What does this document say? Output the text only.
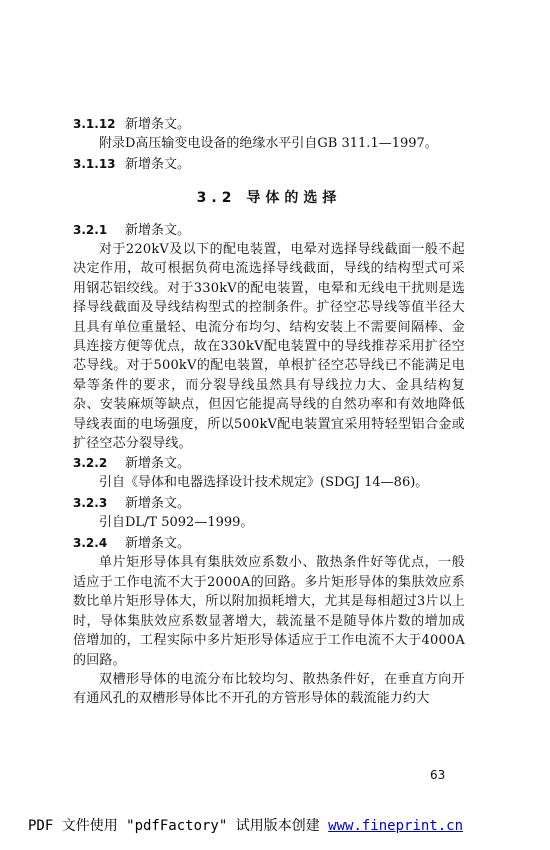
3.1.12 新增条文。

附录D高压输变电设备的绝缘水平引自GB 311.1—1997。

3.1.13 新增条文。
3.2 导体的选择
3.2.1 新增条文。

对于220kV及以下的配电装置，电晕对选择导线截面一般不起决定作用，故可根据负荷电流选择导线截面，导线的结构型式可采用钢芯铝绞线。对于330kV的配电装置，电晕和无线电干扰则是选择导线截面及导线结构型式的控制条件。扩径空芯导线等值半径大且具有单位重量轻、电流分布均匀、结构安装上不需要间隔棒、金具连接方便等优点，故在330kV配电装置中的导线推荐采用扩径空芯导线。对于500kV的配电装置，单根扩径空芯导线已不能满足电晕等条件的要求，而分裂导线虽然具有导线拉力大、金具结构复杂、安装麻烦等缺点，但因它能提高导线的自然功率和有效地降低导线表面的电场强度，所以500kV配电装置宜采用特轻型铝合金或扩径空芯分裂导线。

3.2.2 新增条文。

引自《导体和电器选择设计技术规定》(SDGJ 14—86)。

3.2.3 新增条文。

引自DL/T 5092—1999。

3.2.4 新增条文。

单片矩形导体具有集肤效应系数小、散热条件好等优点，一般适应于工作电流不大于2000A的回路。多片矩形导体的集肤效应系数比单片矩形导体大，所以附加损耗增大，尤其是每相超过3片以上时，导体集肤效应系数显著增大，载流量不是随导体片数的增加成倍增加的，工程实际中多片矩形导体适应于工作电流不大于4000A的回路。

双槽形导体的电流分布比较均匀、散热条件好，在垂直方向开有通风孔的双槽形导体比不开孔的方管形导体的载流能力约大

63
PDF 文件使用 "pdfFactory" 试用版本创建 www.fineprint.cn
